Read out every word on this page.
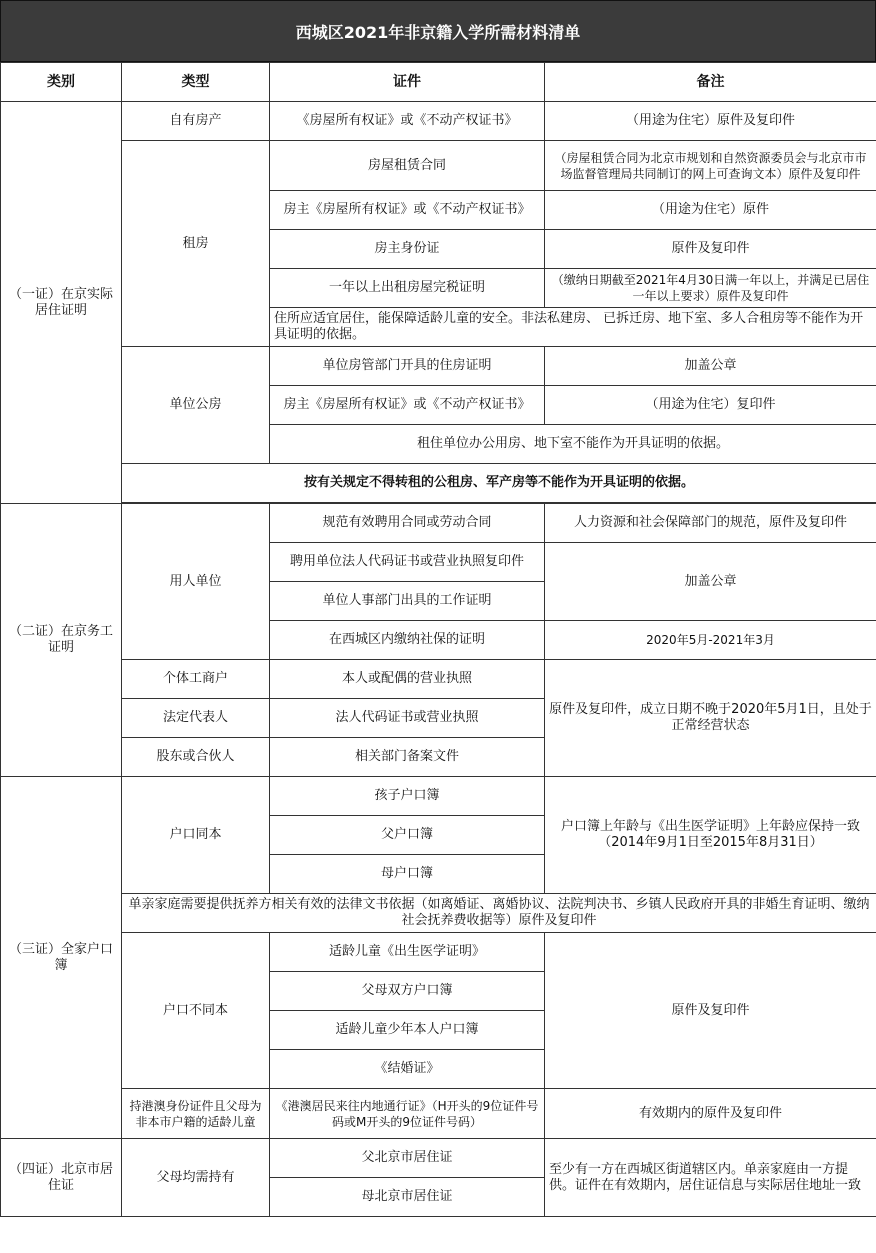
西城区2021年非京籍入学所需材料清单
类别	类型	证件	备注
（一证）在京实际居住证明	自有房产	《房屋所有权证》或《不动产权证书》	（用途为住宅）原件及复印件
	租房	房屋租赁合同	（房屋租赁合同为北京市规划和自然资源委员会与北京市市场监督管理局共同制订的网上可查询文本）原件及复印件
		房主《房屋所有权证》或《不动产权证书》	（用途为住宅）原件
		房主身份证	原件及复印件
		一年以上出租房屋完税证明	（缴纳日期截至2021年4月30日满一年以上，并满足已居住一年以上要求）原件及复印件
		住所应适宜居住，能保障适龄儿童的安全。非法私建房、 已拆迁房、地下室、多人合租房等不能作为开具证明的依据。	
	单位公房	单位房管部门开具的住房证明	加盖公章
		房主《房屋所有权证》或《不动产权证书》	（用途为住宅）复印件
		租住单位办公用房、地下室不能作为开具证明的依据。	
	按有关规定不得转租的公租房、军产房等不能作为开具证明的依据。		

（二证）在京务工证明	用人单位	规范有效聘用合同或劳动合同	人力资源和社会保障部门的规范，原件及复印件
		聘用单位法人代码证书或营业执照复印件	加盖公章
		单位人事部门出具的工作证明	
		在西城区内缴纳社保的证明	2020年5月-2021年3月
	个体工商户	本人或配偶的营业执照	原件及复印件，成立日期不晚于2020年5月1日，且处于正常经营状态
	法定代表人	法人代码证书或营业执照	
	股东或合伙人	相关部门备案文件	
（三证）全家户口簿	户口同本	孩子户口簿	户口簿上年龄与《出生医学证明》上年龄应保持一致（2014年9月1日至2015年8月31日）
		父户口簿	
		母户口簿	
	单亲家庭需要提供抚养方相关有效的法律文书依据（如离婚证、离婚协议、法院判决书、乡镇人民政府开具的非婚生育证明、缴纳社会抚养费收据等）原件及复印件		
	户口不同本	适龄儿童《出生医学证明》	原件及复印件
		父母双方户口簿	
		适龄儿童少年本人户口簿	
		《结婚证》	
	持港澳身份证件且父母为非本市户籍的适龄儿童	《港澳居民来往内地通行证》（H开头的9位证件号码或M开头的9位证件号码）	有效期内的原件及复印件
（四证）北京市居住证	父母均需持有	父北京市居住证	至少有一方在西城区街道辖区内。单亲家庭由一方提供。证件在有效期内，居住证信息与实际居住地址一致
		母北京市居住证	
